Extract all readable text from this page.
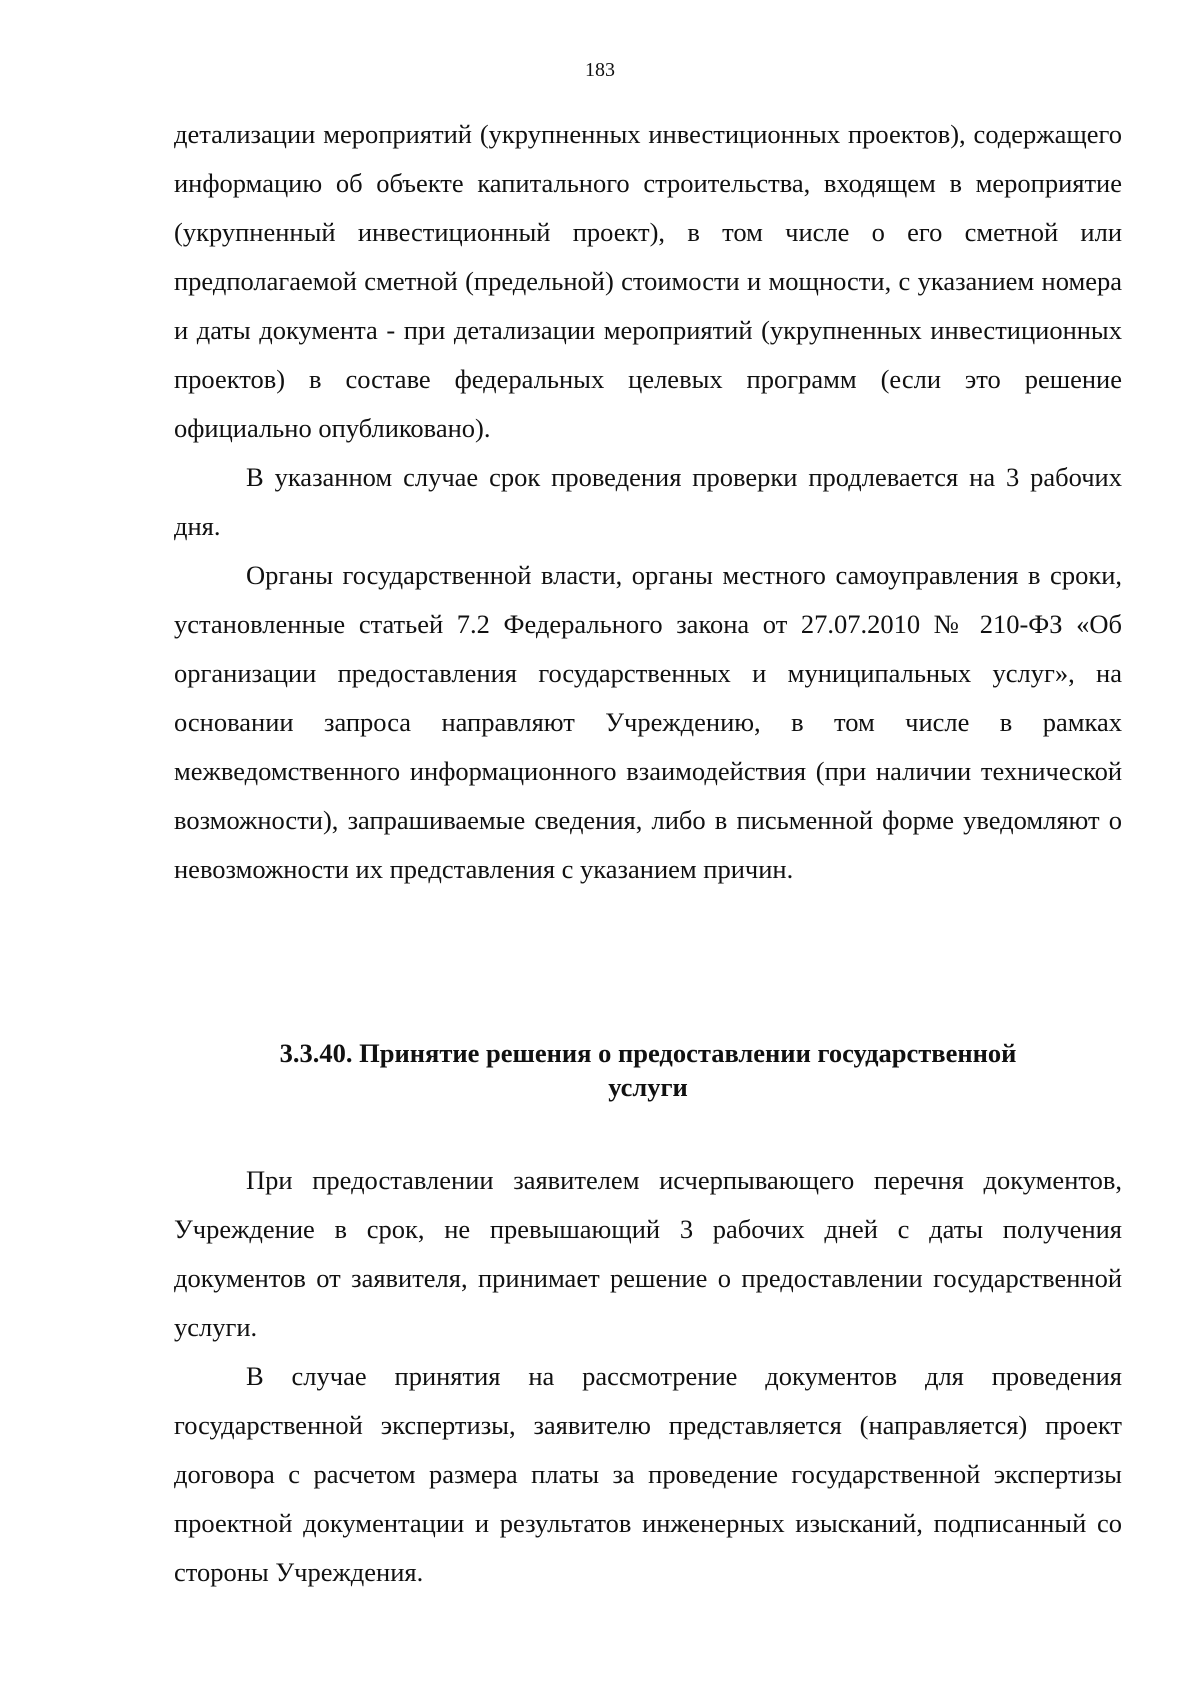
183

детализации мероприятий (укрупненных инвестиционных проектов), содержащего информацию об объекте капитального строительства, входящем в мероприятие (укрупненный инвестиционный проект), в том числе о его сметной или предполагаемой сметной (предельной) стоимости и мощности, с указанием номера и даты документа - при детализации мероприятий (укрупненных инвестиционных проектов) в составе федеральных целевых программ (если это решение официально опубликовано).

В указанном случае срок проведения проверки продлевается на 3 рабочих дня.

Органы государственной власти, органы местного самоуправления в сроки, установленные статьей 7.2 Федерального закона от 27.07.2010 № 210-ФЗ «Об организации предоставления государственных и муниципальных услуг», на основании запроса направляют Учреждению, в том числе в рамках межведомственного информационного взаимодействия (при наличии технической возможности), запрашиваемые сведения, либо в письменной форме уведомляют о невозможности их представления с указанием причин.

3.3.40. Принятие решения о предоставлении государственной
услуги

При предоставлении заявителем исчерпывающего перечня документов, Учреждение в срок, не превышающий 3 рабочих дней с даты получения документов от заявителя, принимает решение о предоставлении государственной услуги.

В случае принятия на рассмотрение документов для проведения государственной экспертизы, заявителю представляется (направляется) проект договора с расчетом размера платы за проведение государственной экспертизы проектной документации и результатов инженерных изысканий, подписанный со стороны Учреждения.
